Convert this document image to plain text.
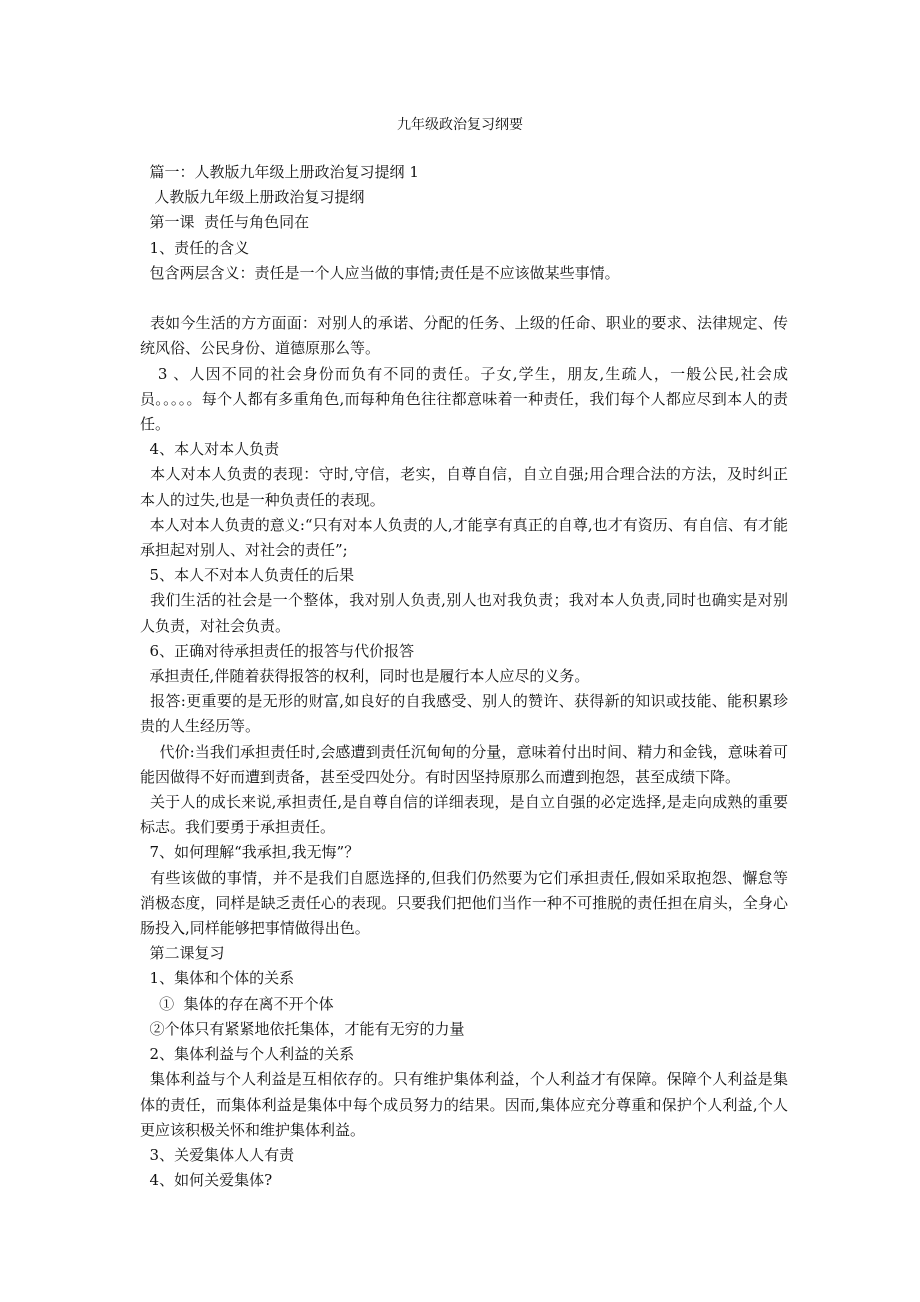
九年级政治复习纲要

篇一：人教版九年级上册政治复习提纲 1

人教版九年级上册政治复习提纲

第一课  责任与角色同在

1、责任的含义

包含两层含义：责任是一个人应当做的事情;责任是不应该做某些事情。

表如今生活的方方面面：对别人的承诺、分配的任务、上级的任命、职业的要求、法律规定、传统风俗、公民身份、道德原那么等。

3 、人因不同的社会身份而负有不同的责任。子女,学生，朋友,生疏人，一般公民,社会成员。。。。。每个人都有多重角色,而每种角色往往都意味着一种责任，我们每个人都应尽到本人的责任。

4、本人对本人负责

本人对本人负责的表现：守时,守信，老实，自尊自信，自立自强;用合理合法的方法，及时纠正本人的过失,也是一种负责任的表现。

本人对本人负责的意义:“只有对本人负责的人,才能享有真正的自尊,也才有资历、有自信、有才能承担起对别人、对社会的责任”;

5、本人不对本人负责任的后果

我们生活的社会是一个整体，我对别人负责,别人也对我负责；我对本人负责,同时也确实是对别人负责，对社会负责。

6、正确对待承担责任的报答与代价报答

承担责任,伴随着获得报答的权利，同时也是履行本人应尽的义务。

报答:更重要的是无形的财富,如良好的自我感受、别人的赞许、获得新的知识或技能、能积累珍贵的人生经历等。

代价:当我们承担责任时,会感遭到责任沉甸甸的分量，意味着付出时间、精力和金钱，意味着可能因做得不好而遭到责备，甚至受四处分。有时因坚持原那么而遭到抱怨，甚至成绩下降。

关于人的成长来说,承担责任,是自尊自信的详细表现，是自立自强的必定选择,是走向成熟的重要标志。我们要勇于承担责任。

7、如何理解“我承担,我无悔”？

有些该做的事情，并不是我们自愿选择的,但我们仍然要为它们承担责任,假如采取抱怨、懈怠等消极态度，同样是缺乏责任心的表现。只要我们把他们当作一种不可推脱的责任担在肩头，全身心肠投入,同样能够把事情做得出色。

第二课复习

1、集体和个体的关系

①  集体的存在离不开个体

②个体只有紧紧地依托集体，才能有无穷的力量

2、集体利益与个人利益的关系

集体利益与个人利益是互相依存的。只有维护集体利益，个人利益才有保障。保障个人利益是集体的责任，而集体利益是集体中每个成员努力的结果。因而,集体应充分尊重和保护个人利益,个人更应该积极关怀和维护集体利益。

3、关爱集体人人有责

4、如何关爱集体?
